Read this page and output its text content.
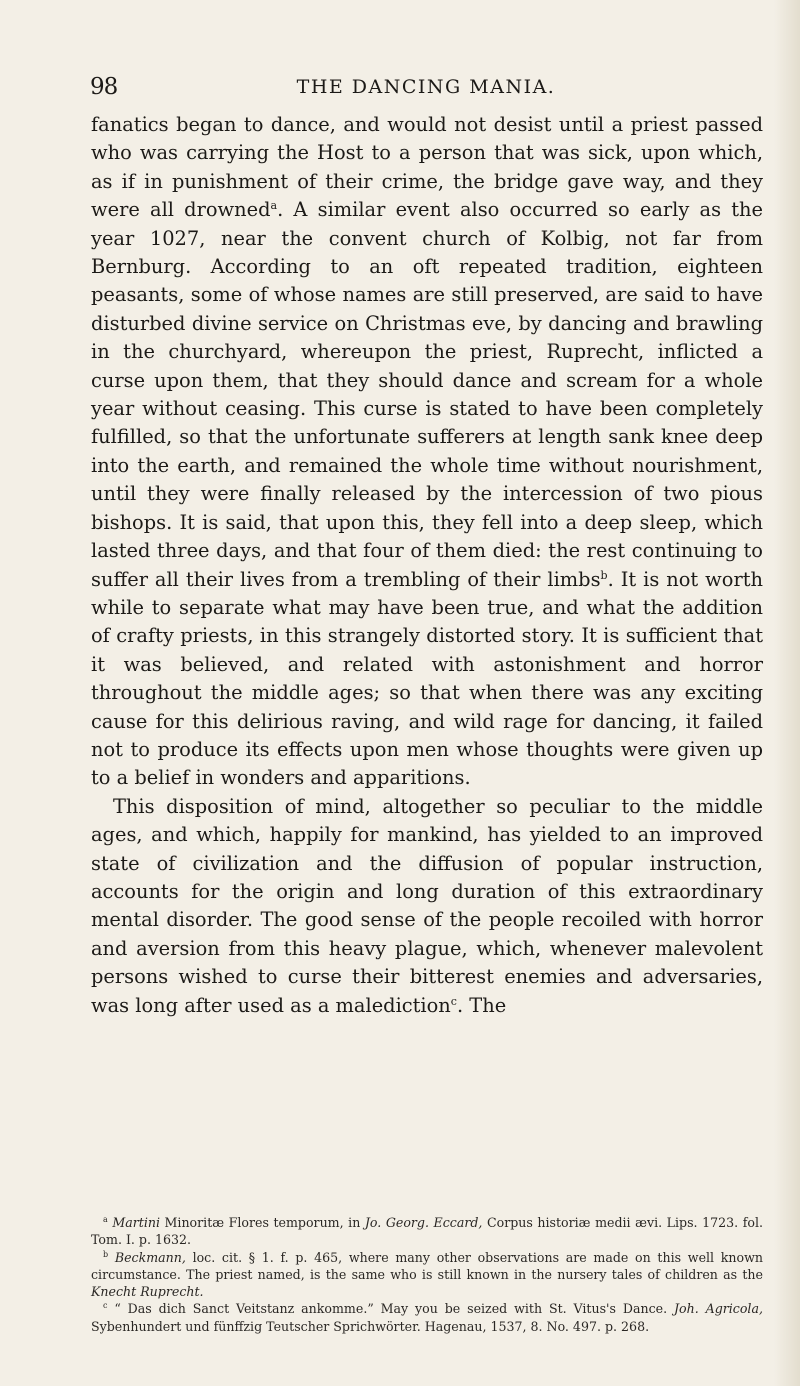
98	THE DANCING MANIA.

fanatics began to dance, and would not desist until a priest passed who was carrying the Host to a person that was sick, upon which, as if in punishment of their crime, the bridge gave way, and they were all drowned$^a$. A similar event also occurred so early as the year 1027, near the convent church of Kolbig, not far from Bernburg. According to an oft repeated tradition, eighteen peasants, some of whose names are still preserved, are said to have disturbed divine service on Christmas eve, by dancing and brawling in the churchyard, whereupon the priest, Ruprecht, inflicted a curse upon them, that they should dance and scream for a whole year without ceasing. This curse is stated to have been completely fulfilled, so that the unfortunate sufferers at length sank knee deep into the earth, and remained the whole time without nourishment, until they were finally released by the intercession of two pious bishops. It is said, that upon this, they fell into a deep sleep, which lasted three days, and that four of them died: the rest continuing to suffer all their lives from a trembling of their limbs$^b$. It is not worth while to separate what may have been true, and what the addition of crafty priests, in this strangely distorted story. It is sufficient that it was believed, and related with astonishment and horror throughout the middle ages; so that when there was any exciting cause for this delirious raving, and wild rage for dancing, it failed not to produce its effects upon men whose thoughts were given up to a belief in wonders and apparitions.

This disposition of mind, altogether so peculiar to the middle ages, and which, happily for mankind, has yielded to an improved state of civilization and the diffusion of popular instruction, accounts for the origin and long duration of this extraordinary mental disorder. The good sense of the people recoiled with horror and aversion from this heavy plague, which, whenever malevolent persons wished to curse their bitterest enemies and adversaries, was long after used as a malediction$^c$. The

$^a$ Martini Minoritæ Flores temporum, in Jo. Georg. Eccard, Corpus historiæ medii ævi. Lips. 1723. fol. Tom. I. p. 1632.

$^b$ Beckmann, loc. cit. § 1. f. p. 465, where many other observations are made on this well known circumstance. The priest named, is the same who is still known in the nursery tales of children as the Knecht Ruprecht.

$^c$ “ Das dich Sanct Veitstanz ankomme.” May you be seized with St. Vitus's Dance. Joh. Agricola, Sybenhundert und fünffzig Teutscher Sprichwörter. Hagenau, 1537, 8. No. 497. p. 268.
